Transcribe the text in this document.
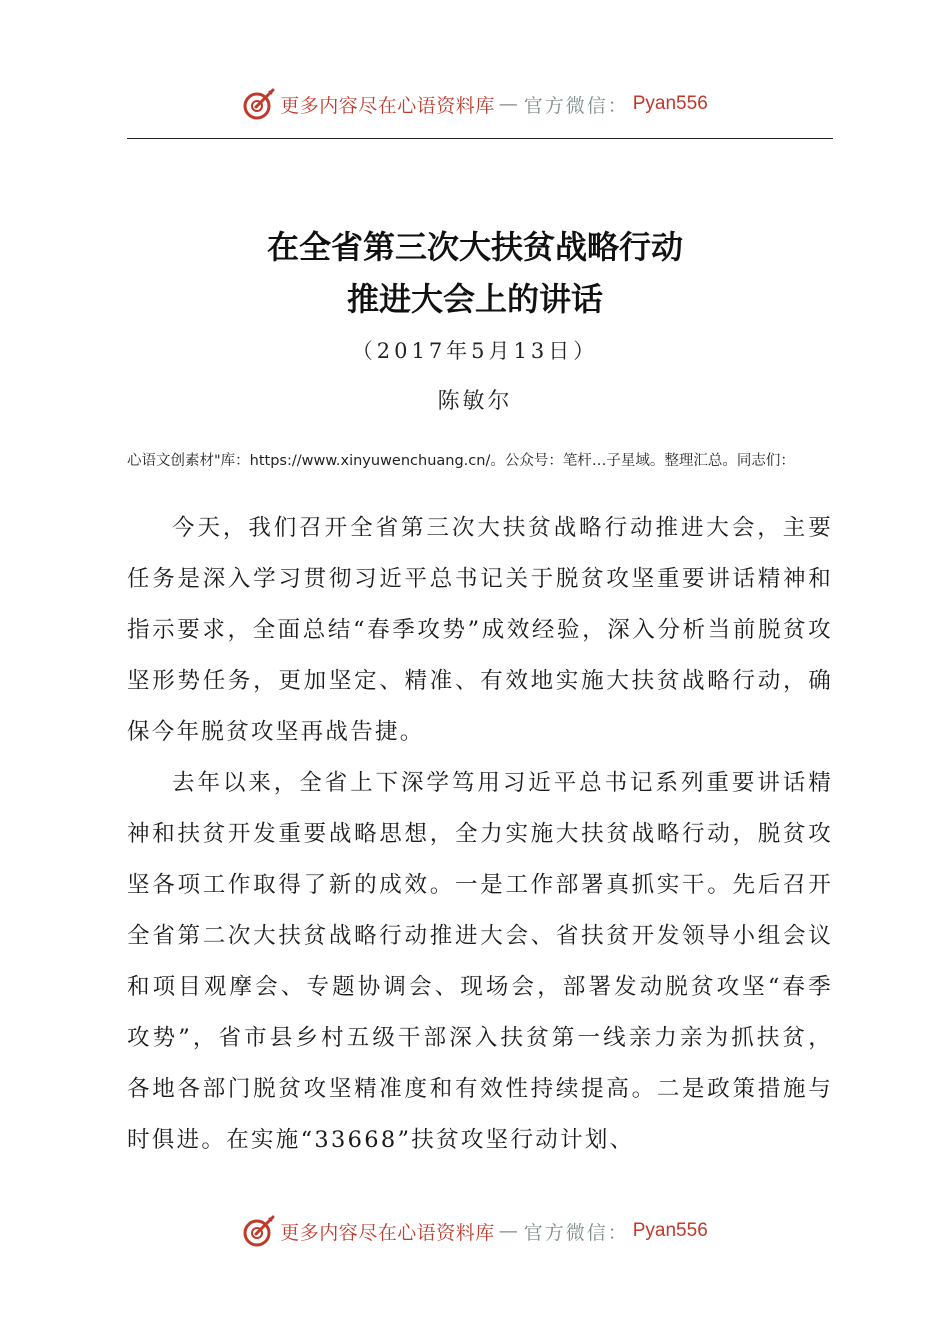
更多内容尽在心语资料库 — 官方微信： Pyan556
在全省第三次大扶贫战略行动
推进大会上的讲话
（2017年5月13日）
陈敏尔
心语文创素材"库：https://www.xinyuwenchuang.cn/。公众号：笔杆…子星域。整理汇总。同志们：

今天，我们召开全省第三次大扶贫战略行动推进大会，主要任务是深入学习贯彻习近平总书记关于脱贫攻坚重要讲话精神和指示要求，全面总结“春季攻势”成效经验，深入分析当前脱贫攻坚形势任务，更加坚定、精准、有效地实施大扶贫战略行动，确保今年脱贫攻坚再战告捷。

去年以来，全省上下深学笃用习近平总书记系列重要讲话精神和扶贫开发重要战略思想，全力实施大扶贫战略行动，脱贫攻坚各项工作取得了新的成效。一是工作部署真抓实干。先后召开全省第二次大扶贫战略行动推进大会、省扶贫开发领导小组会议和项目观摩会、专题协调会、现场会，部署发动脱贫攻坚“春季攻势”，省市县乡村五级干部深入扶贫第一线亲力亲为抓扶贫，各地各部门脱贫攻坚精准度和有效性持续提高。二是政策措施与时俱进。在实施“33668”扶贫攻坚行动计划、

更多内容尽在心语资料库 — 官方微信： Pyan556
